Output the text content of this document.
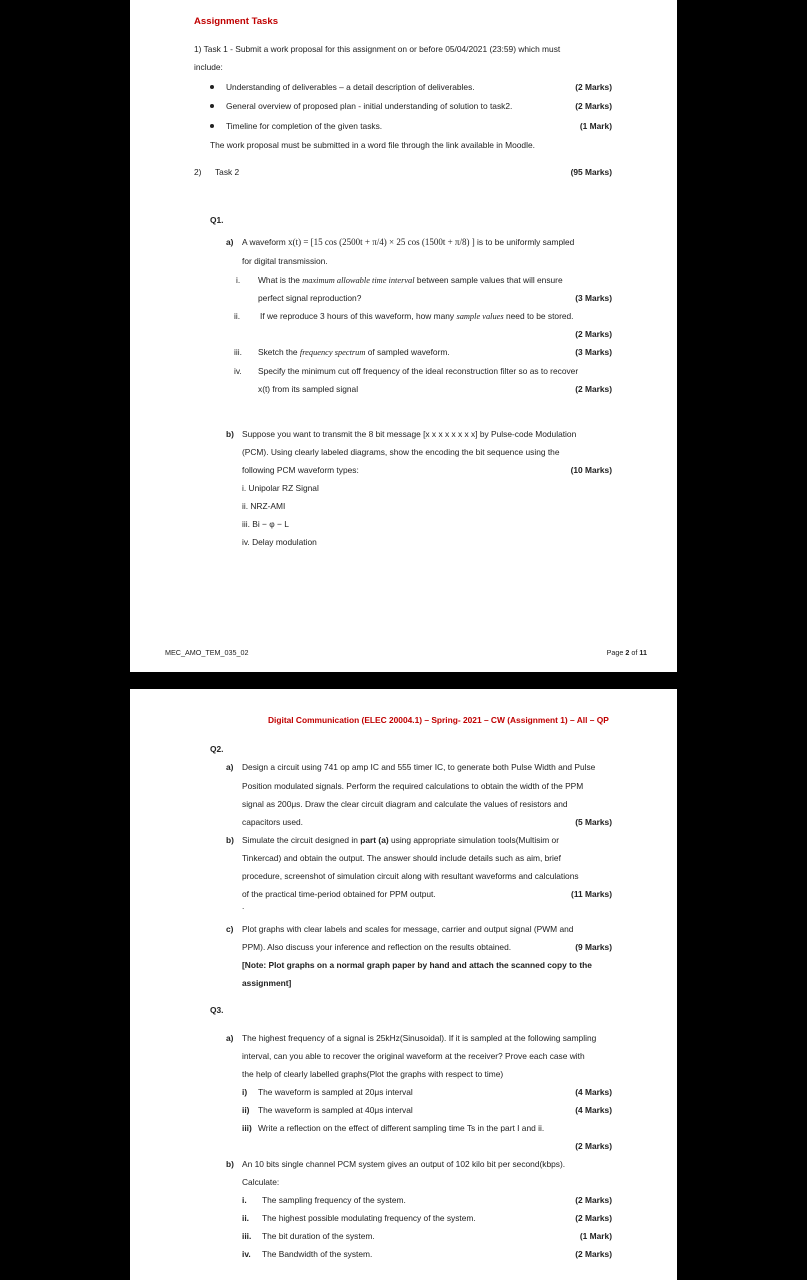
Assignment Tasks
1) Task 1 - Submit a work proposal for this assignment on or before 05/04/2021 (23:59) which must
include:
Understanding of deliverables – a detail description of deliverables.	(2 Marks)
General overview of proposed plan - initial understanding of solution to task2.	(2 Marks)
Timeline for completion of the given tasks.	(1 Mark)
The work proposal must be submitted in a word file through the link available in Moodle.
2) Task 2	(95 Marks)
Q1.
a) A waveform x(t) = [15 cos (2500t + π/4) × 25 cos (1500t + π/8) ] is to be uniformly sampled
for digital transmission.
i. What is the maximum allowable time interval between sample values that will ensure
perfect signal reproduction?	(3 Marks)
ii. If we reproduce 3 hours of this waveform, how many sample values need to be stored.
(2 Marks)
iii. Sketch the frequency spectrum of sampled waveform.	(3 Marks)
iv. Specify the minimum cut off frequency of the ideal reconstruction filter so as to recover
x(t) from its sampled signal	(2 Marks)
b) Suppose you want to transmit the 8 bit message [x x x x x x x x] by Pulse-code Modulation
(PCM). Using clearly labeled diagrams, show the encoding the bit sequence using the
following PCM waveform types:	(10 Marks)
i. Unipolar RZ Signal
ii. NRZ-AMI
iii. Bi − φ − L
iv. Delay modulation
MEC_AMO_TEM_035_02	Page 2 of 11
Digital Communication (ELEC 20004.1) – Spring- 2021 – CW (Assignment 1) – All – QP
Q2.
a) Design a circuit using 741 op amp IC and 555 timer IC, to generate both Pulse Width and Pulse
Position modulated signals. Perform the required calculations to obtain the width of the PPM
signal as 200μs. Draw the clear circuit diagram and calculate the values of resistors and
capacitors used.	(5 Marks)
b) Simulate the circuit designed in part (a) using appropriate simulation tools(Multisim or
Tinkercad) and obtain the output. The answer should include details such as aim, brief
procedure, screenshot of simulation circuit along with resultant waveforms and calculations
of the practical time-period obtained for PPM output.	(11 Marks)
.
c) Plot graphs with clear labels and scales for message, carrier and output signal (PWM and
PPM). Also discuss your inference and reflection on the results obtained.	(9 Marks)
[Note: Plot graphs on a normal graph paper by hand and attach the scanned copy to the
assignment]
Q3.
a) The highest frequency of a signal is 25kHz(Sinusoidal). If it is sampled at the following sampling
interval, can you able to recover the original waveform at the receiver? Prove each case with
the help of clearly labelled graphs(Plot the graphs with respect to time)
i) The waveform is sampled at 20μs interval	(4 Marks)
ii) The waveform is sampled at 40μs interval	(4 Marks)
iii) Write a reflection on the effect of different sampling time Ts in the part I and ii.
(2 Marks)
b) An 10 bits single channel PCM system gives an output of 102 kilo bit per second(kbps).
Calculate:
i. The sampling frequency of the system.	(2 Marks)
ii. The highest possible modulating frequency of the system.	(2 Marks)
iii. The bit duration of the system.	(1 Mark)
iv. The Bandwidth of the system.	(2 Marks)
